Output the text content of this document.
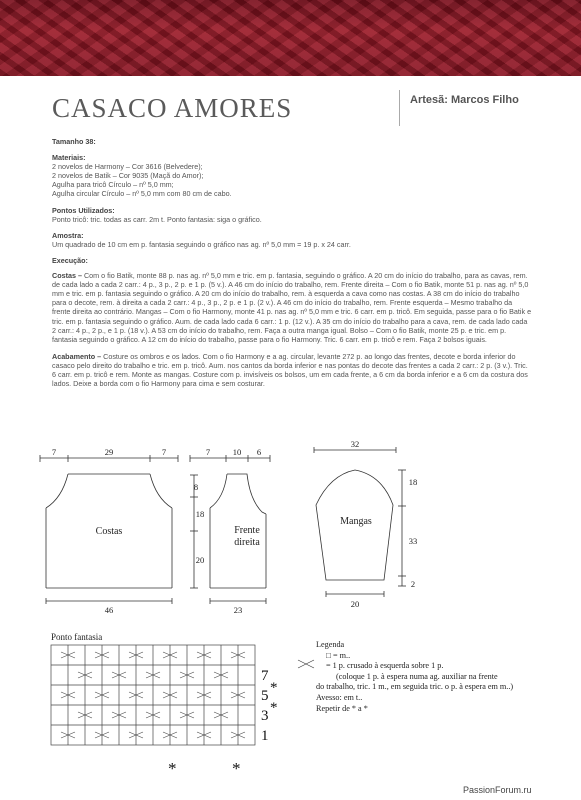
CASACO AMORES	Artesã: Marcos Filho
Tamanho 38:
Materiais:
2 novelos de Harmony – Cor 3616 (Belvedere);
2 novelos de Batik – Cor 9035 (Maçã do Amor);
Agulha para tricô Círculo – nº 5,0 mm;
Agulha circular Círculo – nº 5,0 mm com 80 cm de cabo.
Pontos Utilizados:
Ponto tricô: tric. todas as carr. 2m t. Ponto fantasia: siga o gráfico.
Amostra:
Um quadrado de 10 cm em p. fantasia seguindo o gráfico nas ag. nº 5,0 mm = 19 p. x 24 carr.
Execução:
Costas – Com o fio Batik, monte 88 p. nas ag. nº 5,0 mm e tric. em p. fantasia, seguindo o gráfico. A 20 cm do início do trabalho, para as cavas, rem. de cada lado a cada 2 carr.: 4 p., 3 p., 2 p. e 1 p. (5 v.). A 46 cm do início do trabalho, rem. Frente direita – Com o fio Batik, monte 51 p. nas ag. nº 5,0 mm e tric. em p. fantasia seguindo o gráfico. A 20 cm do início do trabalho, rem. à esquerda a cava como nas costas. A 38 cm do início do trabalho para o decote, rem. à direita a cada 2 carr.: 4 p., 3 p., 2 p. e 1 p. (2 v.). A 46 cm do início do trabalho, rem. Frente esquerda – Mesmo trabalho da frente direita ao contrário. Mangas – Com o fio Harmony, monte 41 p. nas ag. nº 5,0 mm e tric. 6 carr. em p. tricô. Em seguida, passe para o fio Batik e tric. em p. fantasia seguindo o gráfico. Aum. de cada lado cada 6 carr.: 1 p. (12 v.). A 35 cm do início do trabalho para a cava, rem. de cada lado cada 2 carr.: 4 p., 2 p., e 1 p. (18 v.). A 53 cm do início do trabalho, rem. Faça a outra manga igual. Bolso – Com o fio Batik, monte 25 p. e tric. em p. fantasia seguindo o gráfico. A 12 cm do início do trabalho, passe para o fio Harmony. Tric. 6 carr. em p. tricô e rem. Faça 2 bolsos iguais.
Acabamento – Costure os ombros e os lados. Com o fio Harmony e a ag. circular, levante 272 p. ao longo das frentes, decote e borda inferior do casaco pelo direito do trabalho e tric. em p. tricô. Aum. nos cantos da borda inferior e nas pontas do decote das frentes a cada 2 carr.: 2 p. (3 v.). Tric. 6 carr. em p. tricô e rem. Monte as mangas. Costure com p. invisíveis os bolsos, um em cada frente, a 6 cm da borda inferior e a 6 cm da costura dos lados. Deixe a borda com o fio Harmony para cima e sem costurar.
7	29	7
46
Costas
7	10 6
8
18
20
23
Frente
direita
32
18
33
2
20
Mangas
7
5
3
1
*
*
*	*
Ponto fantasia
Legenda
□ = m..
= 1 p. crusado à esquerda sobre 1 p.
(coloque 1 p. à espera numa ag. auxiliar na frente
do trabalho, tric. 1 m., em seguida tric. o p. à espera em m..)
Avesso: em t..
Repetir de * a *
PassionForum.ru
